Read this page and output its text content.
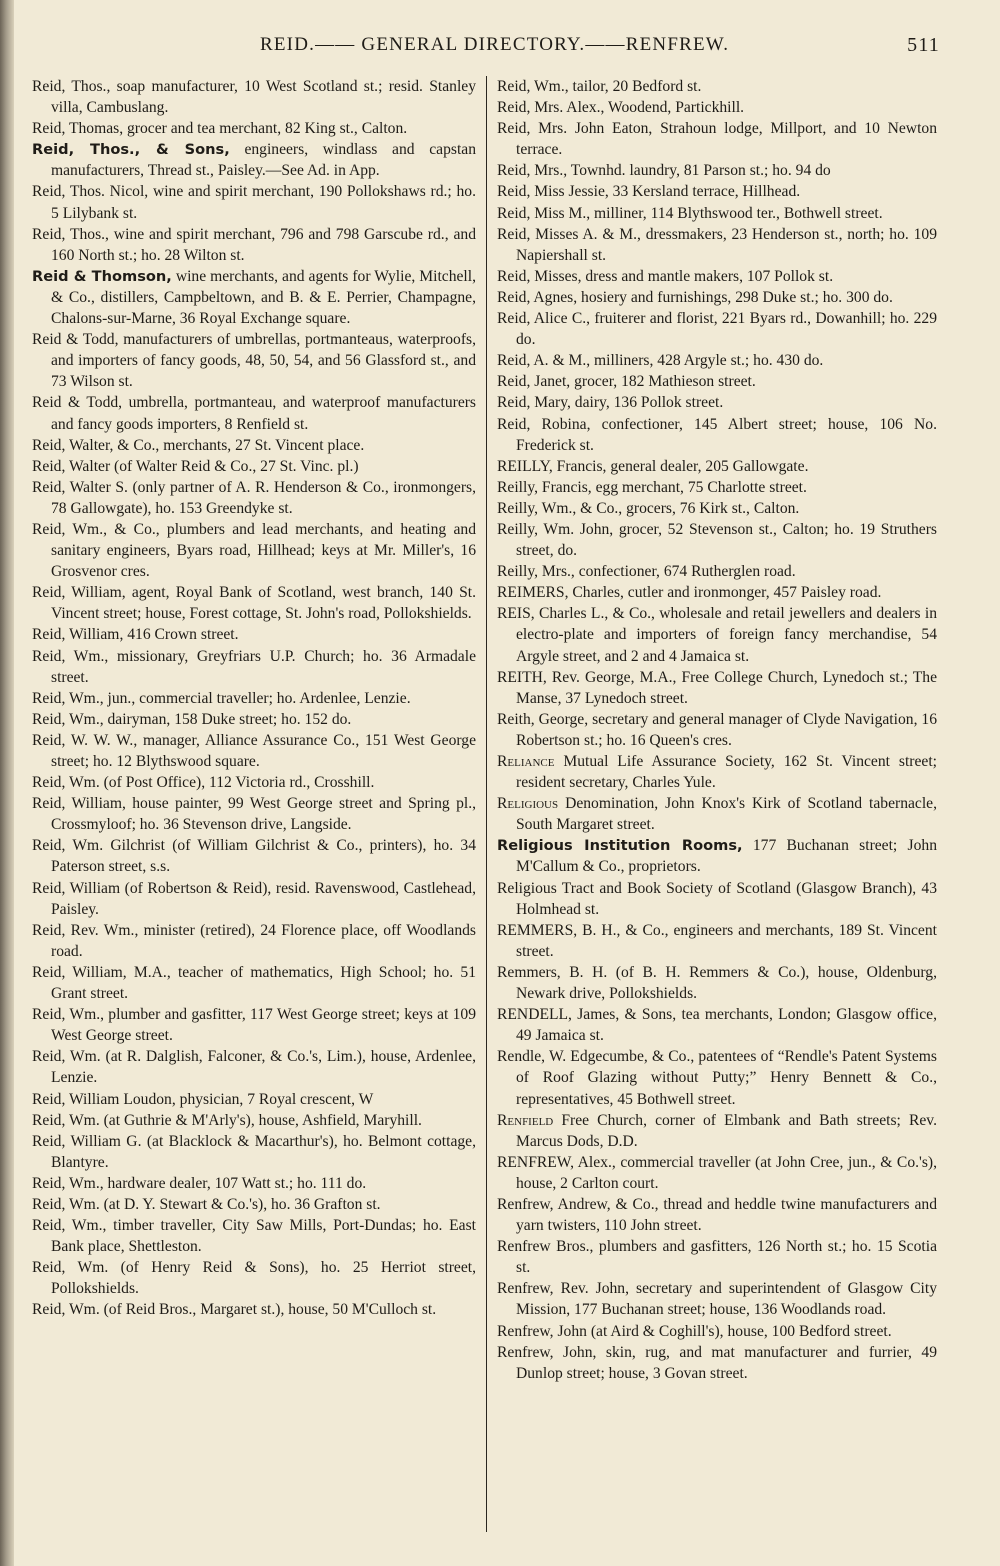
REID.—— GENERAL DIRECTORY.——RENFREW.	511

Reid, Thos., soap manufacturer, 10 West Scotland st.; resid. Stanley villa, Cambuslang.

Reid, Thomas, grocer and tea merchant, 82 King st., Calton.

Reid, Thos., & Sons, engineers, windlass and capstan manufacturers, Thread st., Paisley.—See Ad. in App.

Reid, Thos. Nicol, wine and spirit merchant, 190 Pollokshaws rd.; ho. 5 Lilybank st.

Reid, Thos., wine and spirit merchant, 796 and 798 Garscube rd., and 160 North st.; ho. 28 Wilton st.

Reid & Thomson, wine merchants, and agents for Wylie, Mitchell, & Co., distillers, Campbeltown, and B. & E. Perrier, Champagne, Chalons-sur-Marne, 36 Royal Exchange square.

Reid & Todd, manufacturers of umbrellas, portmanteaus, waterproofs, and importers of fancy goods, 48, 50, 54, and 56 Glassford st., and 73 Wilson st.

Reid & Todd, umbrella, portmanteau, and waterproof manufacturers and fancy goods importers, 8 Renfield st.

Reid, Walter, & Co., merchants, 27 St. Vincent place.

Reid, Walter (of Walter Reid & Co., 27 St. Vinc. pl.)

Reid, Walter S. (only partner of A. R. Henderson & Co., ironmongers, 78 Gallowgate), ho. 153 Greendyke st.

Reid, Wm., & Co., plumbers and lead merchants, and heating and sanitary engineers, Byars road, Hillhead; keys at Mr. Miller's, 16 Grosvenor cres.

Reid, William, agent, Royal Bank of Scotland, west branch, 140 St. Vincent street; house, Forest cottage, St. John's road, Pollokshields.

Reid, William, 416 Crown street.

Reid, Wm., missionary, Greyfriars U.P. Church; ho. 36 Armadale street.

Reid, Wm., jun., commercial traveller; ho. Ardenlee, Lenzie.

Reid, Wm., dairyman, 158 Duke street; ho. 152 do.

Reid, W. W. W., manager, Alliance Assurance Co., 151 West George street; ho. 12 Blythswood square.

Reid, Wm. (of Post Office), 112 Victoria rd., Crosshill.

Reid, William, house painter, 99 West George street and Spring pl., Crossmyloof; ho. 36 Stevenson drive, Langside.

Reid, Wm. Gilchrist (of William Gilchrist & Co., printers), ho. 34 Paterson street, s.s.

Reid, William (of Robertson & Reid), resid. Ravenswood, Castlehead, Paisley.

Reid, Rev. Wm., minister (retired), 24 Florence place, off Woodlands road.

Reid, William, M.A., teacher of mathematics, High School; ho. 51 Grant street.

Reid, Wm., plumber and gasfitter, 117 West George street; keys at 109 West George street.

Reid, Wm. (at R. Dalglish, Falconer, & Co.'s, Lim.), house, Ardenlee, Lenzie.

Reid, William Loudon, physician, 7 Royal crescent, W

Reid, Wm. (at Guthrie & M'Arly's), house, Ashfield, Maryhill.

Reid, William G. (at Blacklock & Macarthur's), ho. Belmont cottage, Blantyre.

Reid, Wm., hardware dealer, 107 Watt st.; ho. 111 do.

Reid, Wm. (at D. Y. Stewart & Co.'s), ho. 36 Grafton st.

Reid, Wm., timber traveller, City Saw Mills, Port-Dundas; ho. East Bank place, Shettleston.

Reid, Wm. (of Henry Reid & Sons), ho. 25 Herriot street, Pollokshields.

Reid, Wm. (of Reid Bros., Margaret st.), house, 50 M'Culloch st.

Reid, Wm., tailor, 20 Bedford st.

Reid, Mrs. Alex., Woodend, Partickhill.

Reid, Mrs. John Eaton, Strahoun lodge, Millport, and 10 Newton terrace.

Reid, Mrs., Townhd. laundry, 81 Parson st.; ho. 94 do

Reid, Miss Jessie, 33 Kersland terrace, Hillhead.

Reid, Miss M., milliner, 114 Blythswood ter., Bothwell street.

Reid, Misses A. & M., dressmakers, 23 Henderson st., north; ho. 109 Napiershall st.

Reid, Misses, dress and mantle makers, 107 Pollok st.

Reid, Agnes, hosiery and furnishings, 298 Duke st.; ho. 300 do.

Reid, Alice C., fruiterer and florist, 221 Byars rd., Dowanhill; ho. 229 do.

Reid, A. & M., milliners, 428 Argyle st.; ho. 430 do.

Reid, Janet, grocer, 182 Mathieson street.

Reid, Mary, dairy, 136 Pollok street.

Reid, Robina, confectioner, 145 Albert street; house, 106 No. Frederick st.

REILLY, Francis, general dealer, 205 Gallowgate.

Reilly, Francis, egg merchant, 75 Charlotte street.

Reilly, Wm., & Co., grocers, 76 Kirk st., Calton.

Reilly, Wm. John, grocer, 52 Stevenson st., Calton; ho. 19 Struthers street, do.

Reilly, Mrs., confectioner, 674 Rutherglen road.

REIMERS, Charles, cutler and ironmonger, 457 Paisley road.

REIS, Charles L., & Co., wholesale and retail jewellers and dealers in electro-plate and importers of foreign fancy merchandise, 54 Argyle street, and 2 and 4 Jamaica st.

REITH, Rev. George, M.A., Free College Church, Lynedoch st.; The Manse, 37 Lynedoch street.

Reith, George, secretary and general manager of Clyde Navigation, 16 Robertson st.; ho. 16 Queen's cres.

Reliance Mutual Life Assurance Society, 162 St. Vincent street; resident secretary, Charles Yule.

Religious Denomination, John Knox's Kirk of Scotland tabernacle, South Margaret street.

Religious Institution Rooms, 177 Buchanan street; John M'Callum & Co., proprietors.

Religious Tract and Book Society of Scotland (Glasgow Branch), 43 Holmhead st.

REMMERS, B. H., & Co., engineers and merchants, 189 St. Vincent street.

Remmers, B. H. (of B. H. Remmers & Co.), house, Oldenburg, Newark drive, Pollokshields.

RENDELL, James, & Sons, tea merchants, London; Glasgow office, 49 Jamaica st.

Rendle, W. Edgecumbe, & Co., patentees of “Rendle's Patent Systems of Roof Glazing without Putty;” Henry Bennett & Co., representatives, 45 Bothwell street.

Renfield Free Church, corner of Elmbank and Bath streets; Rev. Marcus Dods, D.D.

RENFREW, Alex., commercial traveller (at John Cree, jun., & Co.'s), house, 2 Carlton court.

Renfrew, Andrew, & Co., thread and heddle twine manufacturers and yarn twisters, 110 John street.

Renfrew Bros., plumbers and gasfitters, 126 North st.; ho. 15 Scotia st.

Renfrew, Rev. John, secretary and superintendent of Glasgow City Mission, 177 Buchanan street; house, 136 Woodlands road.

Renfrew, John (at Aird & Coghill's), house, 100 Bedford street.

Renfrew, John, skin, rug, and mat manufacturer and furrier, 49 Dunlop street; house, 3 Govan street.
